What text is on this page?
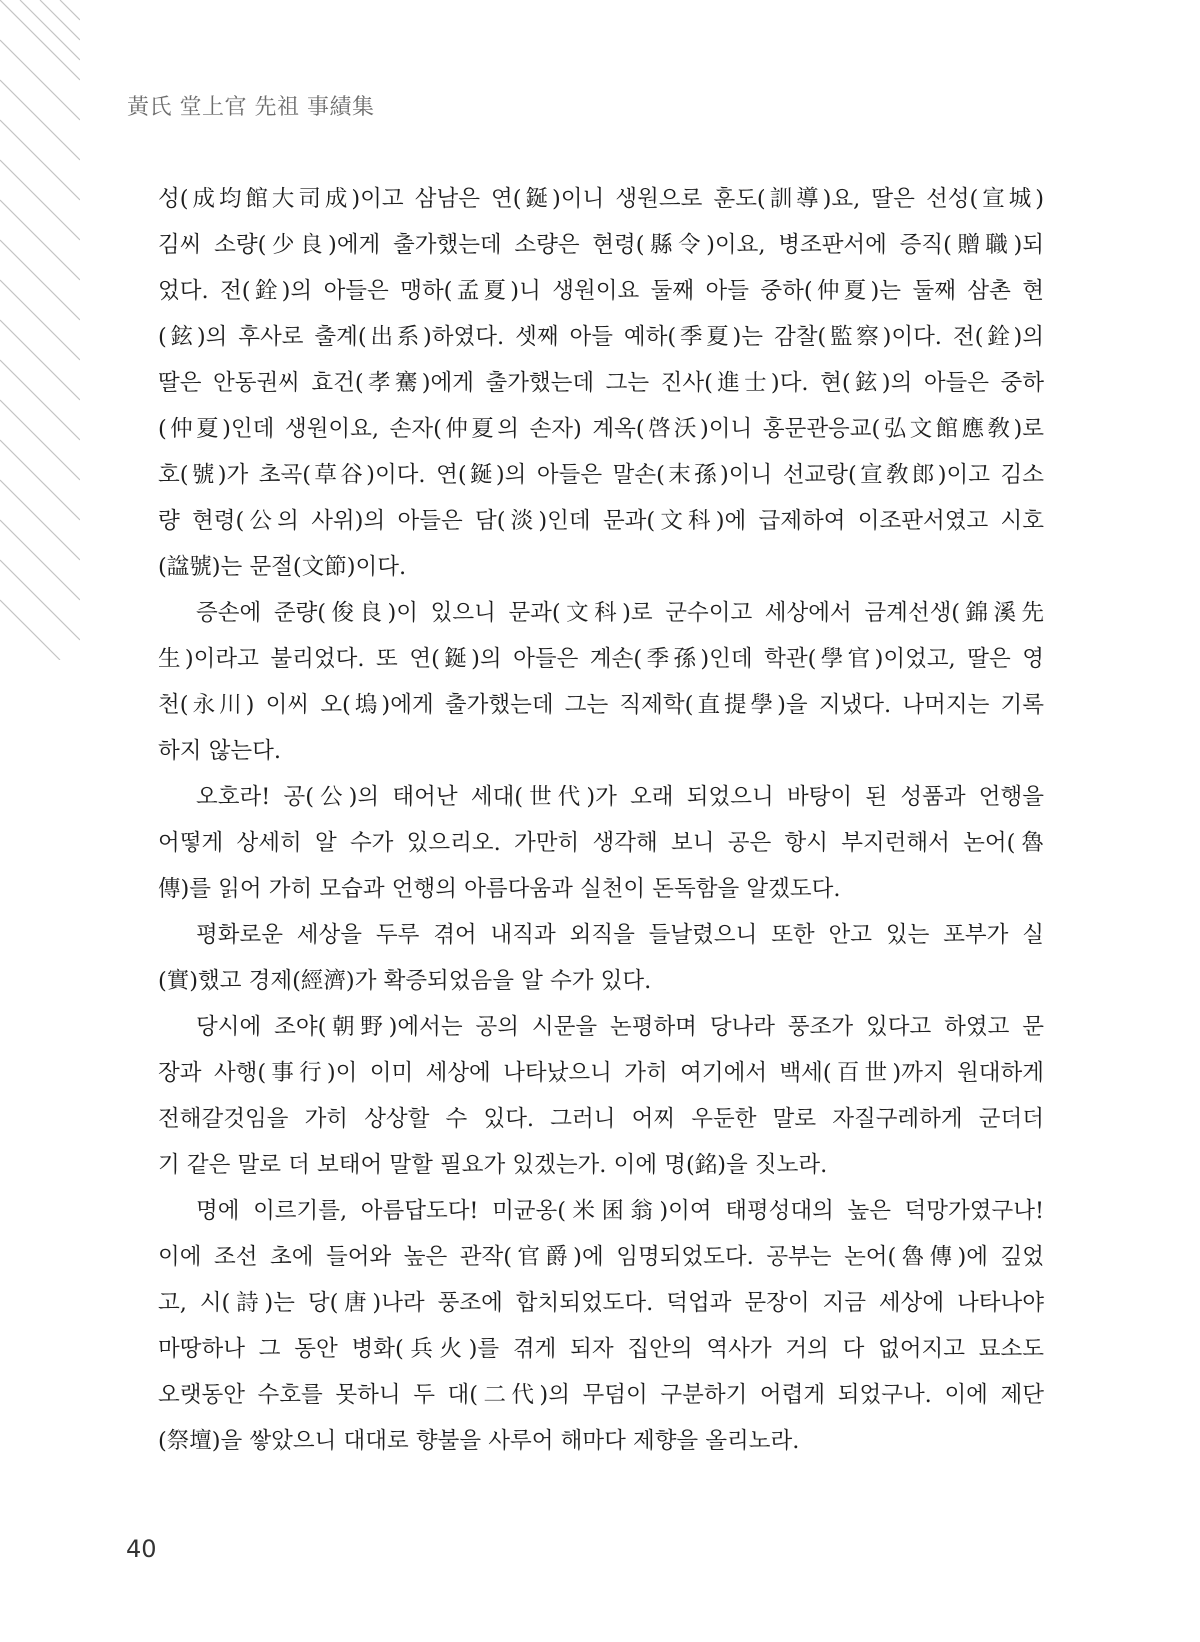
黃氏 堂上官 先祖 事績集
성(成均館大司成)이고 삼남은 연(鋋)이니 생원으로 훈도(訓導)요, 딸은 선성(宣城)
김씨 소량(少良)에게 출가했는데 소량은 현령(縣令)이요, 병조판서에 증직(贈職)되
었다. 전(銓)의 아들은 맹하(孟夏)니 생원이요 둘째 아들 중하(仲夏)는 둘째 삼촌 현
(鉉)의 후사로 출계(出系)하였다. 셋째 아들 예하(季夏)는 감찰(監察)이다. 전(銓)의
딸은 안동권씨 효건(孝騫)에게 출가했는데 그는 진사(進士)다. 현(鉉)의 아들은 중하
(仲夏)인데 생원이요, 손자(仲夏의 손자) 계옥(啓沃)이니 홍문관응교(弘文館應敎)로
호(號)가 초곡(草谷)이다. 연(鋋)의 아들은 말손(末孫)이니 선교랑(宣敎郎)이고 김소
량 현령(公의 사위)의 아들은 담(淡)인데 문과(文科)에 급제하여 이조판서였고 시호
(諡號)는 문절(文節)이다.
증손에 준량(俊良)이 있으니 문과(文科)로 군수이고 세상에서 금계선생(錦溪先
生)이라고 불리었다. 또 연(鋋)의 아들은 계손(季孫)인데 학관(學官)이었고, 딸은 영
천(永川) 이씨 오(塢)에게 출가했는데 그는 직제학(直提學)을 지냈다. 나머지는 기록
하지 않는다.
오호라! 공(公)의 태어난 세대(世代)가 오래 되었으니 바탕이 된 성품과 언행을
어떻게 상세히 알 수가 있으리오. 가만히 생각해 보니 공은 항시 부지런해서 논어(魯
傳)를 읽어 가히 모습과 언행의 아름다움과 실천이 돈독함을 알겠도다.
평화로운 세상을 두루 겪어 내직과 외직을 들날렸으니 또한 안고 있는 포부가 실
(實)했고 경제(經濟)가 확증되었음을 알 수가 있다.
당시에 조야(朝野)에서는 공의 시문을 논평하며 당나라 풍조가 있다고 하였고 문
장과 사행(事行)이 이미 세상에 나타났으니 가히 여기에서 백세(百世)까지 원대하게
전해갈것임을 가히 상상할 수 있다. 그러니 어찌 우둔한 말로 자질구레하게 군더더
기 같은 말로 더 보태어 말할 필요가 있겠는가. 이에 명(銘)을 짓노라.
명에 이르기를, 아름답도다! 미균옹(米囷翁)이여 태평성대의 높은 덕망가였구나!
이에 조선 초에 들어와 높은 관작(官爵)에 임명되었도다. 공부는 논어(魯傳)에 깊었
고, 시(詩)는 당(唐)나라 풍조에 합치되었도다. 덕업과 문장이 지금 세상에 나타나야
마땅하나 그 동안 병화(兵火)를 겪게 되자 집안의 역사가 거의 다 없어지고 묘소도
오랫동안 수호를 못하니 두 대(二代)의 무덤이 구분하기 어렵게 되었구나. 이에 제단
(祭壇)을 쌓았으니 대대로 향불을 사루어 해마다 제향을 올리노라.
40
